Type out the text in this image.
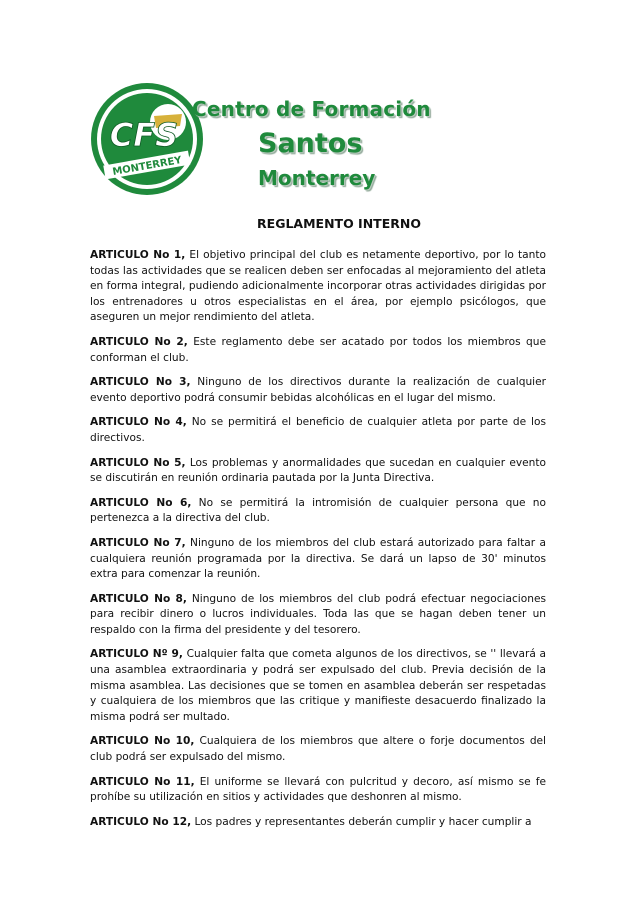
CFS
MONTERREY
Centro de Formación
Santos
Monterrey
REGLAMENTO INTERNO

ARTICULO No 1, El objetivo principal del club es netamente deportivo, por lo tanto todas las actividades que se realicen deben ser enfocadas al mejoramiento del atleta en forma integral, pudiendo adicionalmente incorporar otras actividades dirigidas por los entrenadores u otros especialistas en el área, por ejemplo psicólogos, que aseguren un mejor rendimiento del atleta.

ARTICULO No 2, Este reglamento debe ser acatado por todos los miembros que conforman el club.

ARTICULO No 3, Ninguno de los directivos durante la realización de cualquier evento deportivo podrá consumir bebidas alcohólicas en el lugar del mismo.

ARTICULO No 4, No se permitirá el beneficio de cualquier atleta por parte de los directivos.

ARTICULO No 5, Los problemas y anormalidades que sucedan en cualquier evento se discutirán en reunión ordinaria pautada por la Junta Directiva.

ARTICULO No 6, No se permitirá la intromisión de cualquier persona que no pertenezca a la directiva del club.

ARTICULO No 7, Ninguno de los miembros del club estará autorizado para faltar a cualquiera reunión programada por la directiva. Se dará un lapso de 30' minutos extra para comenzar la reunión.

ARTICULO No 8, Ninguno de los miembros del club podrá efectuar negociaciones para recibir dinero o lucros individuales. Toda las que se hagan deben tener un respaldo con la firma del presidente y del tesorero.

ARTICULO Nº 9, Cualquier falta que cometa algunos de los directivos, se '' llevará a una asamblea extraordinaria y podrá ser expulsado del club. Previa decisión de la misma asamblea. Las decisiones que se tomen en asamblea deberán ser respetadas y cualquiera de los miembros que las critique y manifieste desacuerdo finalizado la misma podrá ser multado.

ARTICULO No 10, Cualquiera de los miembros que altere o forje documentos del club podrá ser expulsado del mismo.

ARTICULO No 11, El uniforme se llevará con pulcritud y decoro, así mismo se fe prohíbe su utilización en sitios y actividades que deshonren al mismo.

ARTICULO No 12, Los padres y representantes deberán cumplir y hacer cumplir a
